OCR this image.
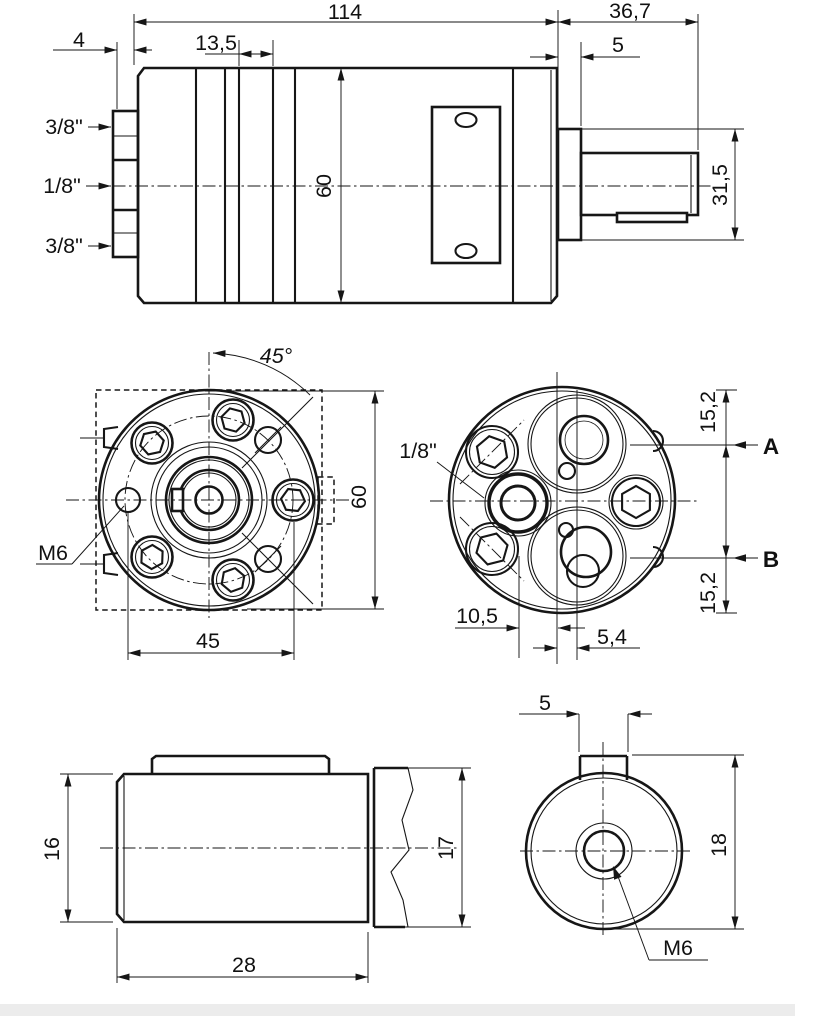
114	36,7
4	13,5	5
60	31,5
3/8"
1/8"
3/8"
45°
60
45
M6
1/8"	A
B
15,2
15,2
10,5
5,4
16	17
28
5
18
M6
